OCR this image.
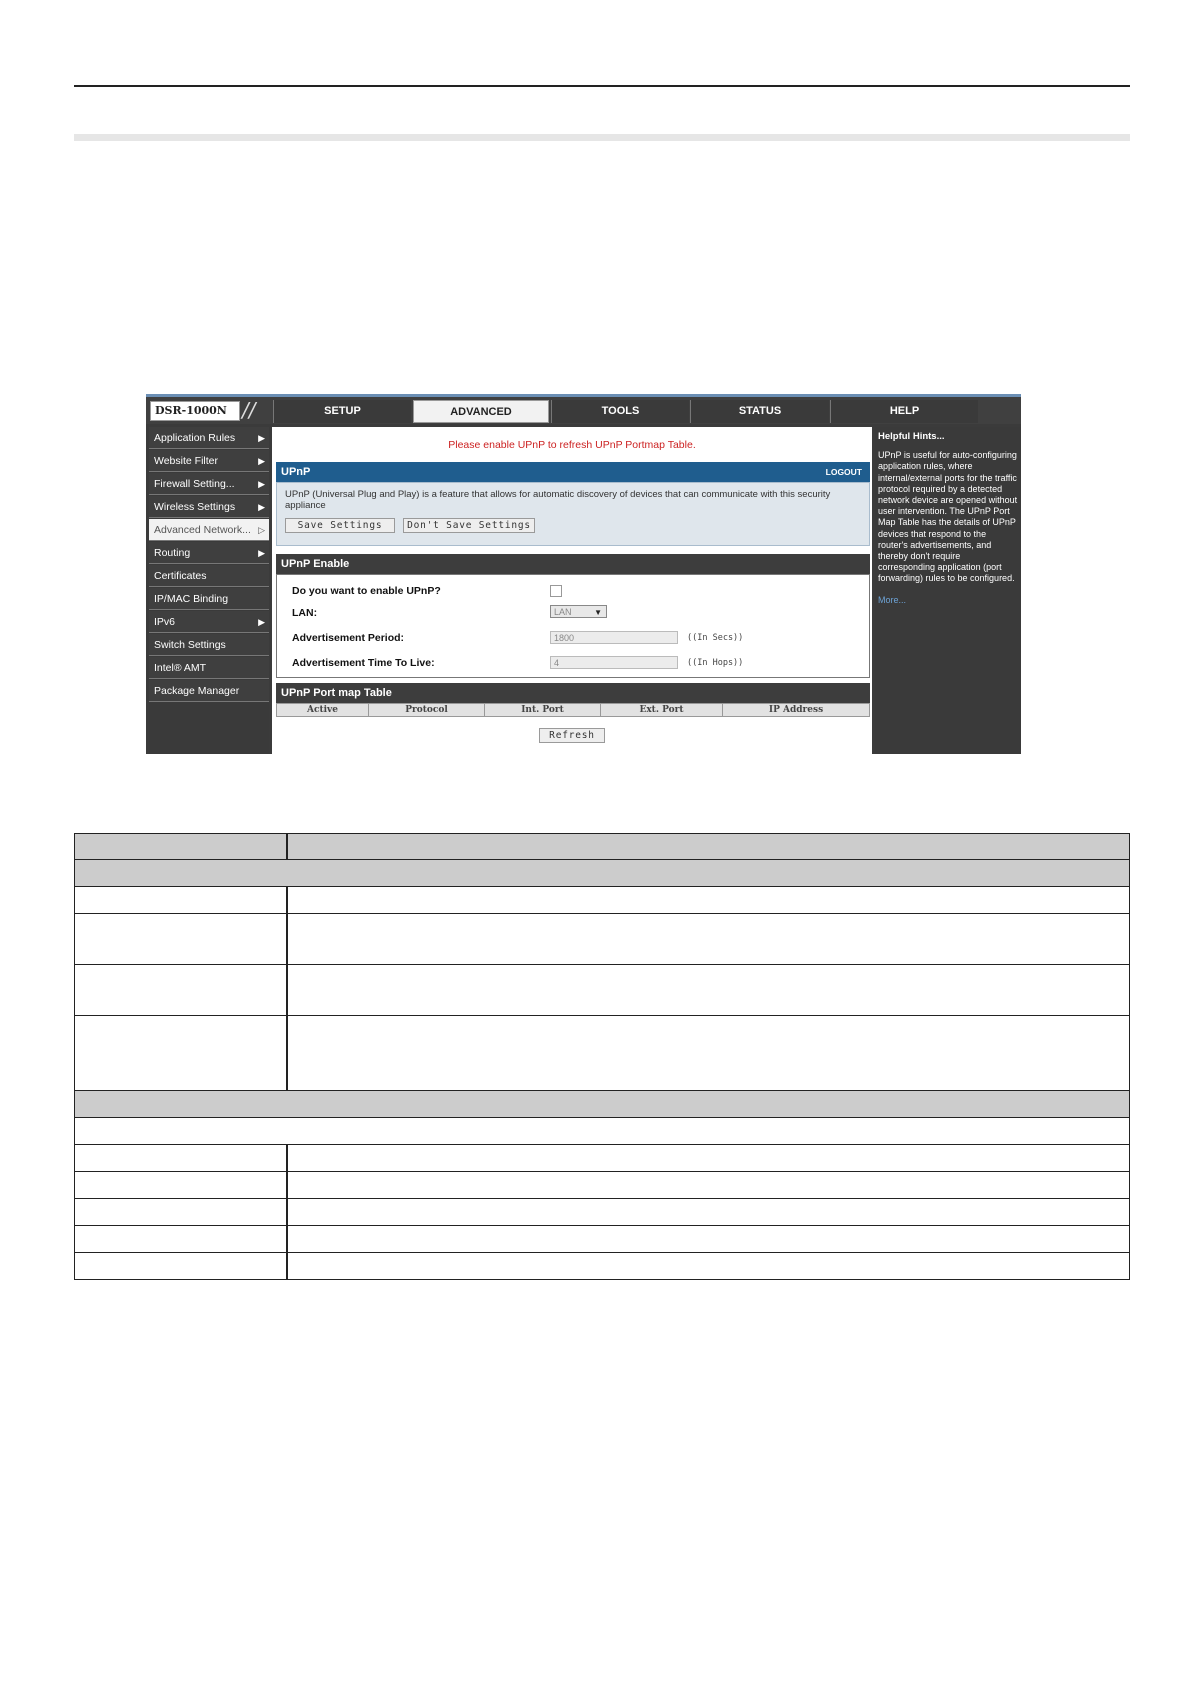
DSR-1000N //	SETUP	ADVANCED	TOOLS	STATUS	HELP
Application Rules	▶
Website Filter	▶
Firewall Setting...	▶
Wireless Settings	▶
Advanced Network... ▷
Routing	▶
Certificates
IP/MAC Binding
IPv6	▶
Switch Settings
Intel® AMT
Package Manager
Please enable UPnP to refresh UPnP Portmap Table.
UPnP	LOGOUT
UPnP (Universal Plug and Play) is a feature that allows for automatic discovery of devices that can communicate with this security appliance
Save Settings	Don't Save Settings
UPnP Enable
Do you want to enable UPnP?
LAN:	LAN	▼
Advertisement Period:	1800	((In Secs))
Advertisement Time To Live:	4	((In Hops))
UPnP Port map Table
Active	Protocol	Int. Port	Ext. Port	IP Address
Refresh
Helpful Hints...
UPnP is useful for auto-configuring application rules, where internal/external ports for the traffic protocol required by a detected network device are opened without user intervention. The UPnP Port Map Table has the details of UPnP devices that respond to the router's advertisements, and thereby don't require corresponding application (port forwarding) rules to be configured.
More...
